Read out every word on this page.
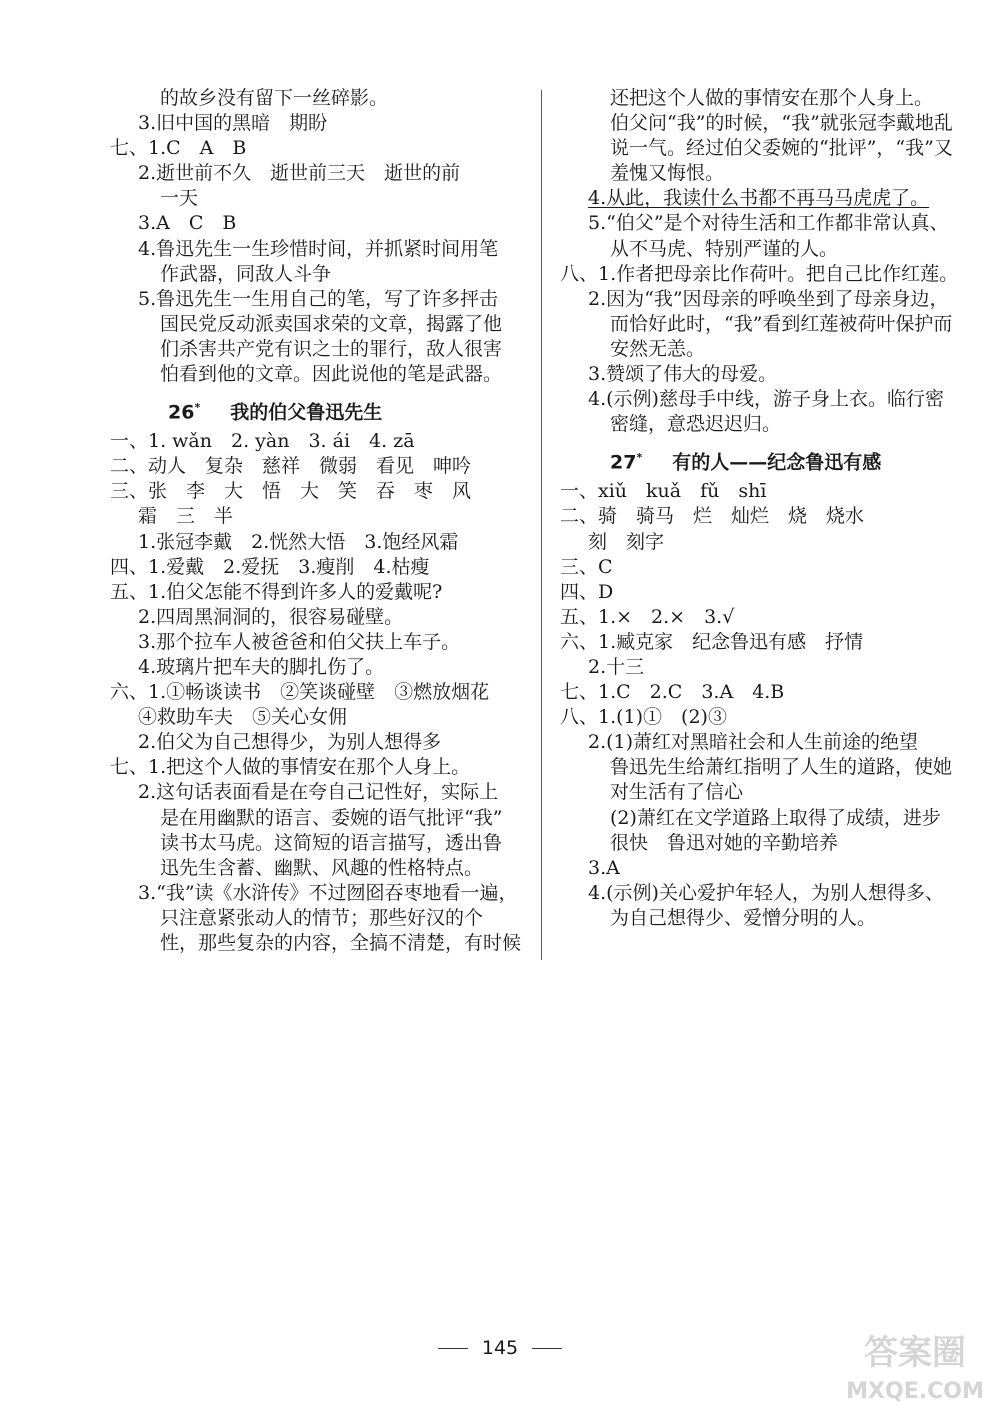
的故乡没有留下一丝碎影。
3.旧中国的黑暗　期盼
七、1.C　A　B
2.逝世前不久　逝世前三天　逝世的前
一天
3.A　C　B
4.鲁迅先生一生珍惜时间，并抓紧时间用笔
作武器，同敌人斗争
5.鲁迅先生一生用自己的笔，写了许多抨击
国民党反动派卖国求荣的文章，揭露了他
们杀害共产党有识之士的罪行，敌人很害
怕看到他的文章。因此说他的笔是武器。
26* 我的伯父鲁迅先生
一、1. wǎn　2. yàn　3. ái　4. zā
二、动人　复杂　慈祥　微弱　看见　呻吟
三、张　李　大　悟　大　笑　吞　枣　风
霜　三　半
1.张冠李戴　2.恍然大悟　3.饱经风霜
四、1.爱戴　2.爱抚　3.瘦削　4.枯瘦
五、1.伯父怎能不得到许多人的爱戴呢?
2.四周黑洞洞的，很容易碰壁。
3.那个拉车人被爸爸和伯父扶上车子。
4.玻璃片把车夫的脚扎伤了。
六、1.①畅谈读书　②笑谈碰壁　③燃放烟花
④救助车夫　⑤关心女佣
2.伯父为自己想得少，为别人想得多
七、1.把这个人做的事情安在那个人身上。
2.这句话表面看是在夸自己记性好，实际上
是在用幽默的语言、委婉的语气批评“我”
读书太马虎。这简短的语言描写，透出鲁
迅先生含蓄、幽默、风趣的性格特点。
3.“我”读《水浒传》不过囫囵吞枣地看一遍，
只注意紧张动人的情节；那些好汉的个
性，那些复杂的内容，全搞不清楚，有时候
还把这个人做的事情安在那个人身上。
伯父问“我”的时候，“我”就张冠李戴地乱
说一气。经过伯父委婉的“批评”，“我”又
羞愧又悔恨。
4.从此，我读什么书都不再马马虎虎了。
5.“伯父”是个对待生活和工作都非常认真、
从不马虎、特别严谨的人。
八、1.作者把母亲比作荷叶。把自己比作红莲。
2.因为“我”因母亲的呼唤坐到了母亲身边，
而恰好此时，“我”看到红莲被荷叶保护而
安然无恙。
3.赞颂了伟大的母爱。
4.(示例)慈母手中线，游子身上衣。临行密
密缝，意恐迟迟归。
27* 有的人——纪念鲁迅有感
一、xiǔ　kuǎ　fǔ　shī
二、骑　骑马　烂　灿烂　烧　烧水
刻　刻字
三、C
四、D
五、1.×　2.×　3.√
六、1.臧克家　纪念鲁迅有感　抒情
2.十三
七、1.C　2.C　3.A　4.B
八、1.(1)①　(2)③
2.(1)萧红对黑暗社会和人生前途的绝望
鲁迅先生给萧红指明了人生的道路，使她
对生活有了信心
(2)萧红在文学道路上取得了成绩，进步
很快　鲁迅对她的辛勤培养
3.A
4.(示例)关心爱护年轻人，为别人想得多、
为自己想得少、爱憎分明的人。
145	答案圈
MXQE.COM
